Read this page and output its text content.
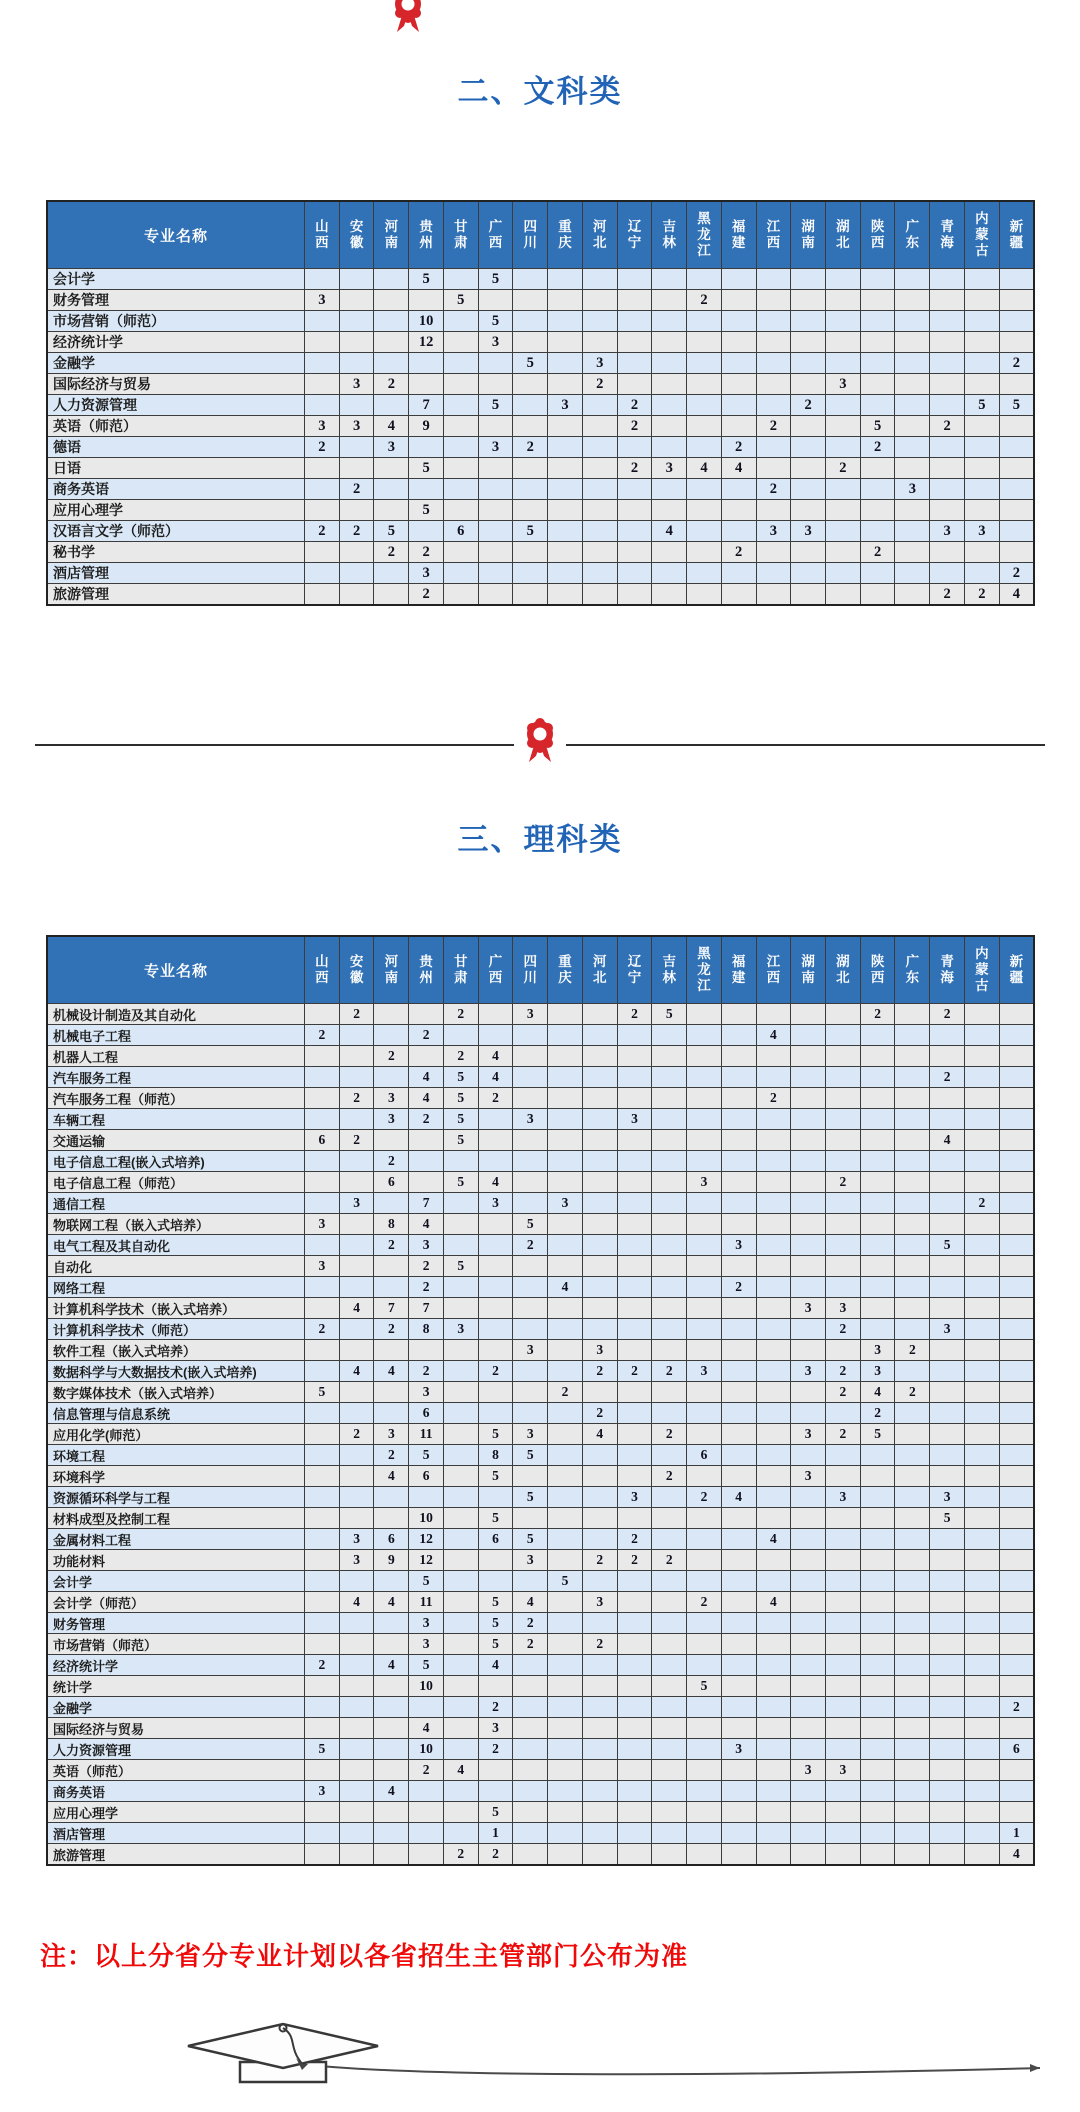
二、文科类
专业名称	山西	安徽	河南	贵州	甘肃	广西	四川	重庆	河北	辽宁	吉林	黑龙江	福建	江西	湖南	湖北	陕西	广东	青海	内蒙古	新疆
会计学				5		5															
财务管理	3				5							2									
市场营销（师范）				10		5															
经济统计学				12		3															
金融学							5		3												2
国际经济与贸易		3	2						2							3					
人力资源管理				7		5		3		2					2					5	5
英语（师范）	3	3	4	9						2				2			5		2		
德语	2		3			3	2						2				2				
日语				5						2	3	4	4			2					
商务英语		2												2				3			
应用心理学				5																	
汉语言文学（师范）	2	2	5		6		5				4			3	3				3	3	
秘书学			2	2									2				2				
酒店管理				3																	2
旅游管理				2															2	2	4
三、理科类
专业名称	山西	安徽	河南	贵州	甘肃	广西	四川	重庆	河北	辽宁	吉林	黑龙江	福建	江西	湖南	湖北	陕西	广东	青海	内蒙古	新疆
机械设计制造及其自动化		2			2		3			2	5						2		2		
机械电子工程	2			2										4							
机器人工程			2		2	4															
汽车服务工程				4	5	4													2		
汽车服务工程（师范）		2	3	4	5	2								2							
车辆工程			3	2	5		3			3											
交通运输	6	2			5														4		
电子信息工程(嵌入式培养)			2																		
电子信息工程（师范）			6		5	4						3				2					
通信工程		3		7		3		3												2	
物联网工程（嵌入式培养）	3		8	4			5														
电气工程及其自动化			2	3			2						3						5		
自动化	3			2	5																
网络工程				2				4					2								
计算机科学技术（嵌入式培养）		4	7	7											3	3					
计算机科学技术（师范）	2		2	8	3											2			3		
软件工程（嵌入式培养）							3		3								3	2			
数据科学与大数据技术(嵌入式培养)		4	4	2		2			2	2	2	3			3	2	3				
数字媒体技术（嵌入式培养）	5			3				2								2	4	2			
信息管理与信息系统				6					2								2				
应用化学(师范）		2	3	11		5	3		4		2				3	2	5				
环境工程			2	5		8	5					6									
环境科学			4	6		5					2				3						
资源循环科学与工程							5			3		2	4			3			3		
材料成型及控制工程				10		5													5		
金属材料工程		3	6	12		6	5			2				4							
功能材料		3	9	12			3		2	2	2										
会计学				5				5													
会计学（师范）		4	4	11		5	4		3			2		4							
财务管理				3		5	2														
市场营销（师范）				3		5	2		2												
经济统计学	2		4	5		4															
统计学				10								5									
金融学						2															2
国际经济与贸易				4		3															
人力资源管理	5			10		2							3								6
英语（师范）				2	4										3	3					
商务英语	3		4																		
应用心理学						5															
酒店管理						1															1
旅游管理					2	2															4
注：以上分省分专业计划以各省招生主管部门公布为准
